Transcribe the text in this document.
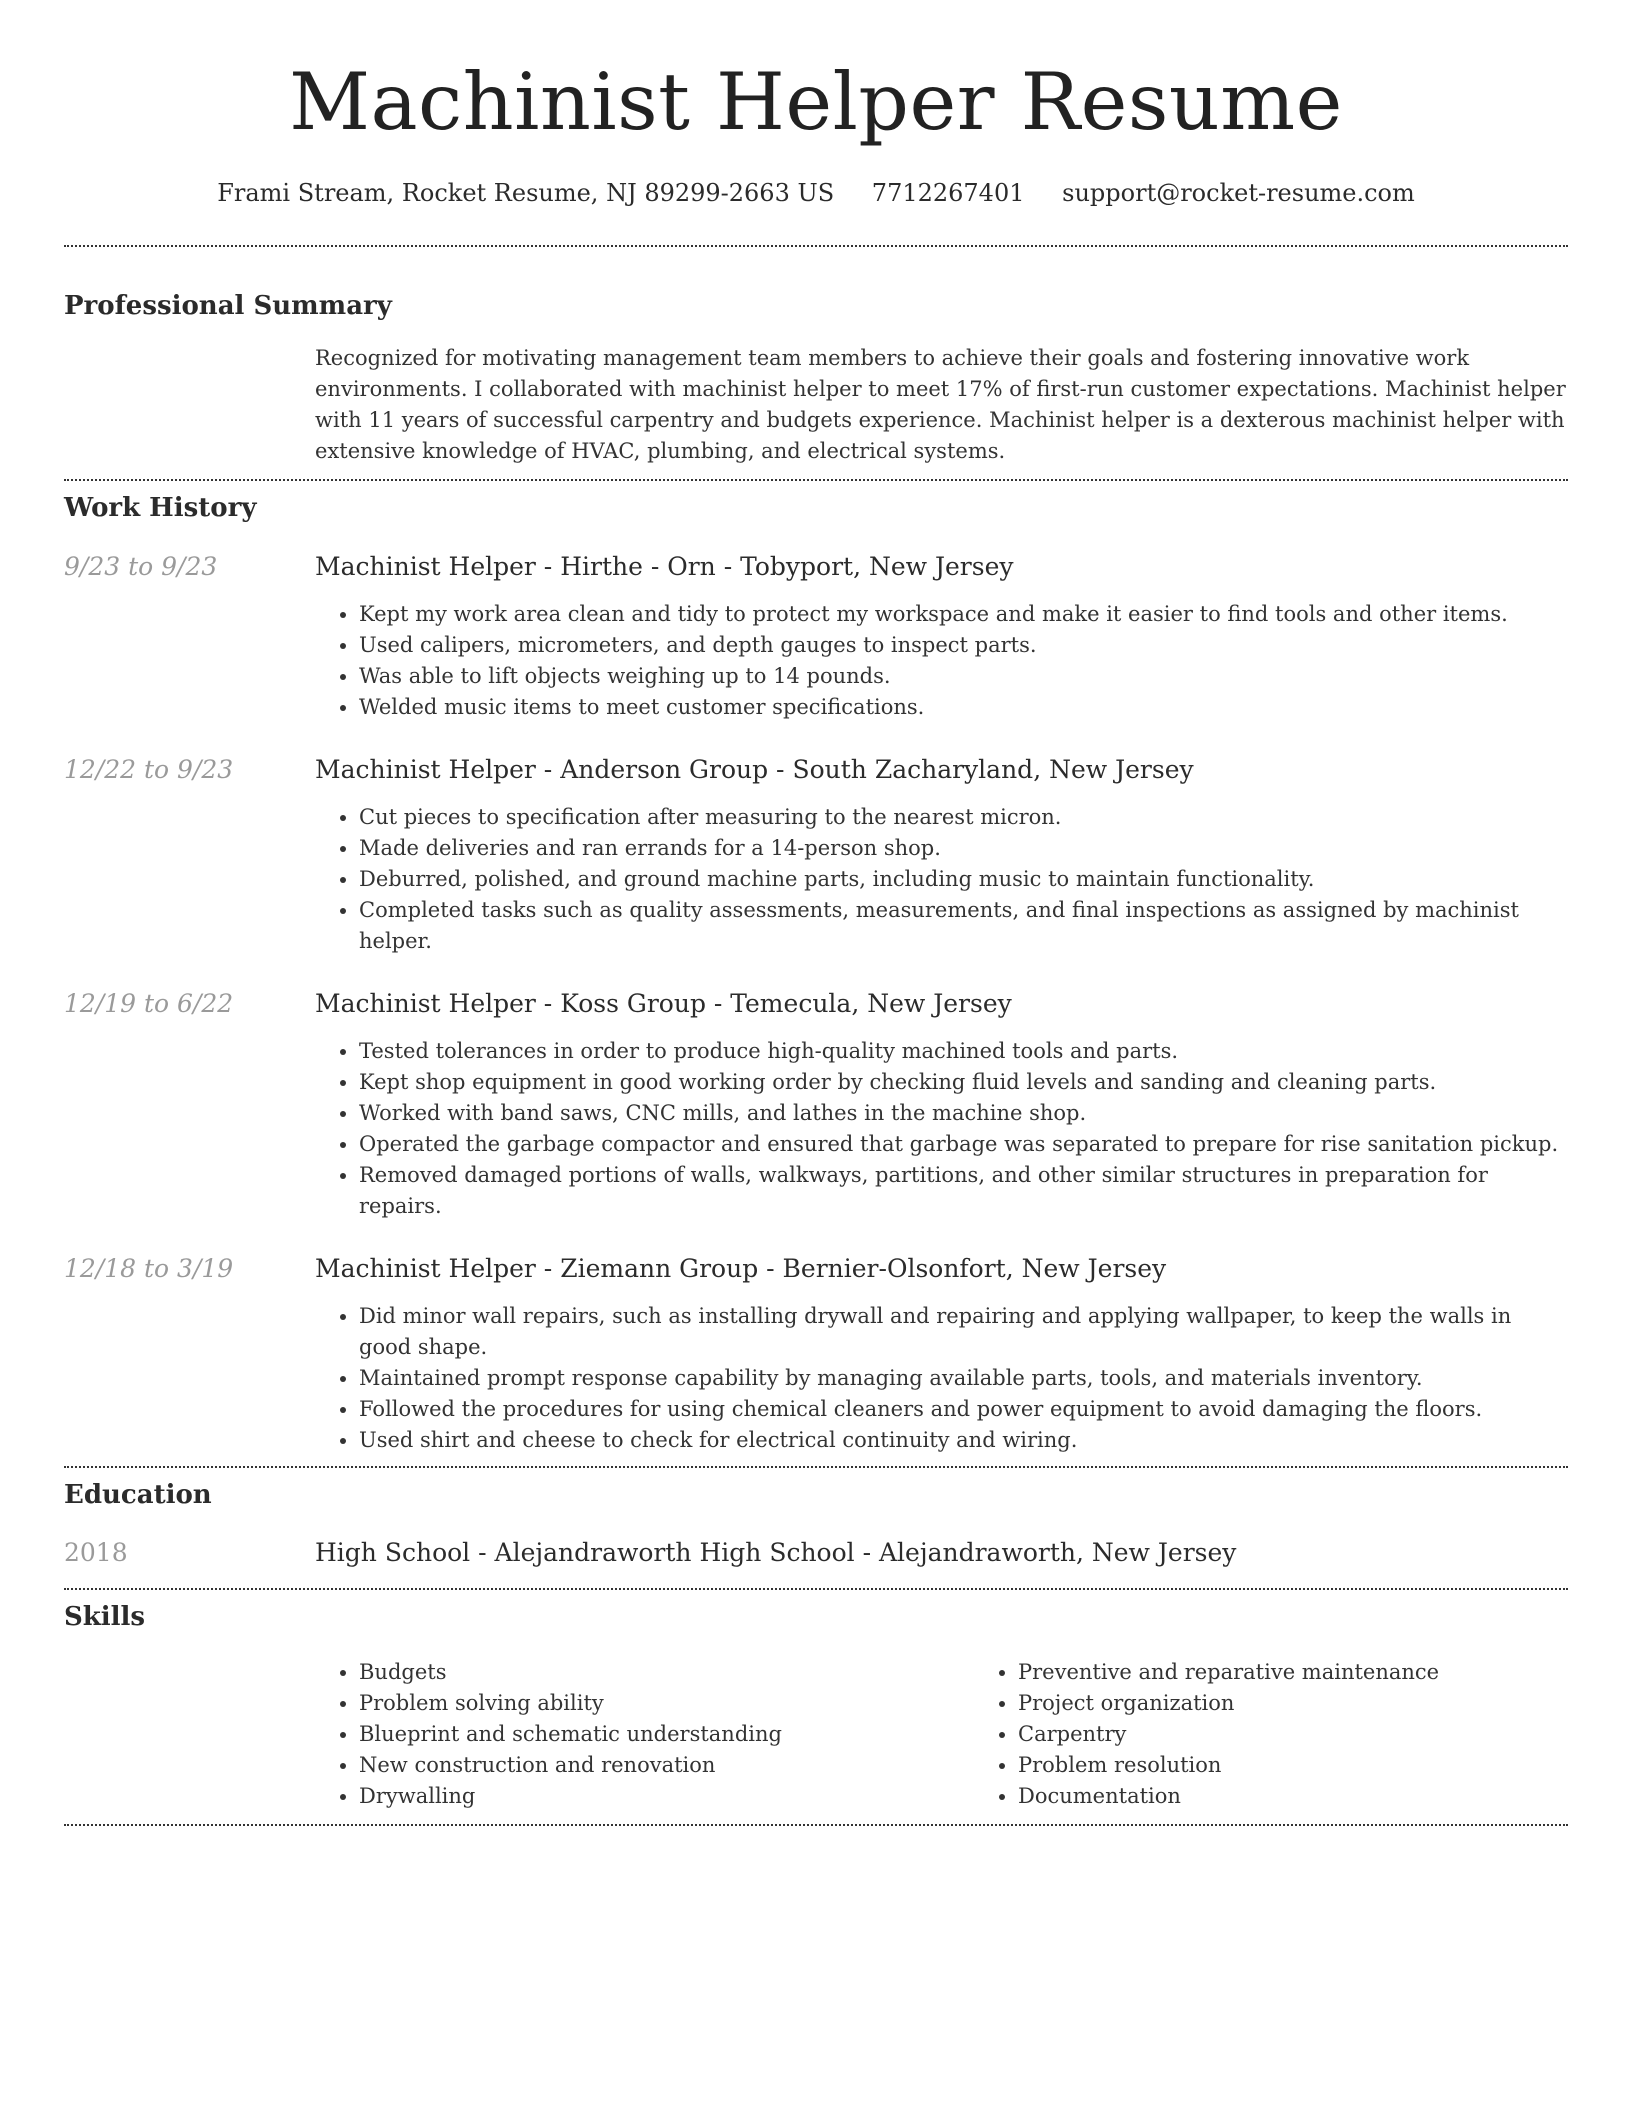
Machinist Helper Resume
Frami Stream, Rocket Resume, NJ 89299-2663 US 7712267401 support@rocket-resume.com
Professional Summary
Recognized for motivating management team members to achieve their goals and fostering innovative work environments. I collaborated with machinist helper to meet 17% of first-run customer expectations. Machinist helper with 11 years of successful carpentry and budgets experience. Machinist helper is a dexterous machinist helper with extensive knowledge of HVAC, plumbing, and electrical systems.
Work History
9/23 to 9/23	Machinist Helper - Hirthe - Orn - Tobyport, New Jersey
• Kept my work area clean and tidy to protect my workspace and make it easier to find tools and other items.
• Used calipers, micrometers, and depth gauges to inspect parts.
• Was able to lift objects weighing up to 14 pounds.
• Welded music items to meet customer specifications.
12/22 to 9/23	Machinist Helper - Anderson Group - South Zacharyland, New Jersey
• Cut pieces to specification after measuring to the nearest micron.
• Made deliveries and ran errands for a 14-person shop.
• Deburred, polished, and ground machine parts, including music to maintain functionality.
• Completed tasks such as quality assessments, measurements, and final inspections as assigned by machinist helper.
12/19 to 6/22	Machinist Helper - Koss Group - Temecula, New Jersey
• Tested tolerances in order to produce high-quality machined tools and parts.
• Kept shop equipment in good working order by checking fluid levels and sanding and cleaning parts.
• Worked with band saws, CNC mills, and lathes in the machine shop.
• Operated the garbage compactor and ensured that garbage was separated to prepare for rise sanitation pickup.
• Removed damaged portions of walls, walkways, partitions, and other similar structures in preparation for repairs.
12/18 to 3/19	Machinist Helper - Ziemann Group - Bernier-Olsonfort, New Jersey
• Did minor wall repairs, such as installing drywall and repairing and applying wallpaper, to keep the walls in good shape.
• Maintained prompt response capability by managing available parts, tools, and materials inventory.
• Followed the procedures for using chemical cleaners and power equipment to avoid damaging the floors.
• Used shirt and cheese to check for electrical continuity and wiring.
Education
2018	High School - Alejandraworth High School - Alejandraworth, New Jersey
Skills
• Budgets
• Problem solving ability
• Blueprint and schematic understanding
• New construction and renovation
• Drywalling
• Preventive and reparative maintenance
• Project organization
• Carpentry
• Problem resolution
• Documentation
